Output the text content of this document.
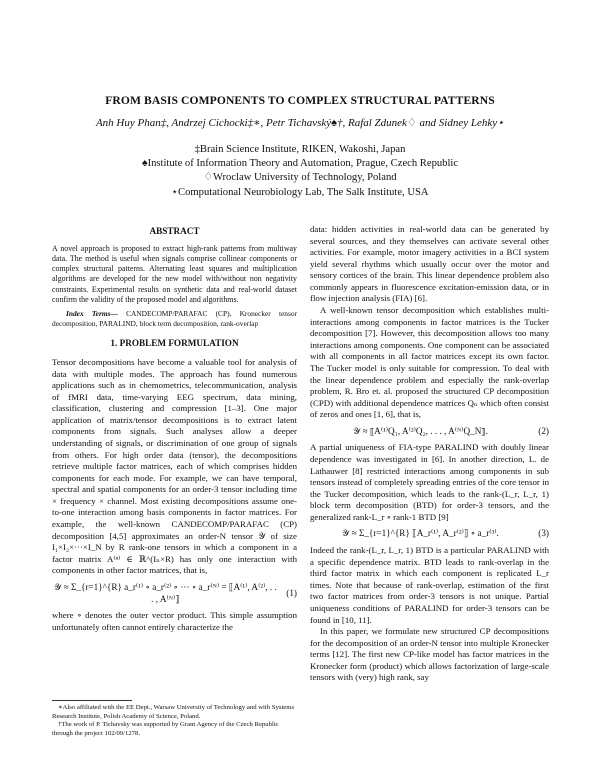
FROM BASIS COMPONENTS TO COMPLEX STRUCTURAL PATTERNS
Anh Huy Phan‡, Andrzej Cichocki‡∗, Petr Tichavský♠†, Rafal Zdunek♢ and Sidney Lehky⋆
‡Brain Science Institute, RIKEN, Wakoshi, Japan
♠Institute of Information Theory and Automation, Prague, Czech Republic
♢Wroclaw University of Technology, Poland
⋆Computational Neurobiology Lab, The Salk Institute, USA
ABSTRACT

A novel approach is proposed to extract high-rank patterns from multiway data. The method is useful when signals comprise collinear components or complex structural patterns. Alternating least squares and multiplication algorithms are developed for the new model with/without non negativity constraints. Experimental results on synthetic data and real-world dataset confirm the validity of the proposed model and algorithms.

Index Terms— CANDECOMP/PARAFAC (CP), Kronecker tensor decomposition, PARALIND, block term decomposition, rank-overlap

1. PROBLEM FORMULATION

Tensor decompositions have become a valuable tool for analysis of data with multiple modes. The approach has found numerous applications such as in chemometrics, telecommunication, analysis of fMRI data, time-varying EEG spectrum, data mining, classification, clustering and compression [1–3]. One major application of matrix/tensor decompositions is to extract latent components from signals. Such analyses allow a deeper understanding of signals, or discrimination of one group of signals from others. For high order data (tensor), the decompositions retrieve multiple factor matrices, each of which comprises hidden components for each mode. For example, we can have temporal, spectral and spatial components for an order-3 tensor including time × frequency × channel. Most existing decompositions assume one-to-one interaction among basis components in factor matrices. For example, the well-known CANDECOMP/PARAFAC (CP) decomposition [4,5] approximates an order-N tensor 𝒴 of size I₁×I₂×···×I_N by R rank-one tensors in which a component in a factor matrix A⁽ⁿ⁾ ∈ ℝ^(Iₙ×R) has only one interaction with components in other factor matrices, that is,

𝒴 ≈ Σ_{r=1}^{R} a_r⁽¹⁾ ∘ a_r⁽²⁾ ∘ ··· ∘ a_r⁽ᴺ⁾ = ⟦A⁽¹⁾, A⁽²⁾, . . . , A⁽ᴺ⁾⟧
(1)

where ∘ denotes the outer vector product. This simple assumption unfortunately often cannot entirely characterize the

∗Also affiliated with the EE Dept., Warsaw University of Technology and with Systems Research Institute, Polish Academy of Science, Poland.

†The work of P. Tichavsky was supported by Grant Agency of the Czech Republic through the project 102/09/1278.

data: hidden activities in real-world data can be generated by several sources, and they themselves can activate several other activities. For example, motor imagery activities in a BCI system yield several rhythms which usually occur over the motor and sensory cortices of the brain. This linear dependence problem also commonly appears in fluorescence excitation-emission data, or in flow injection analysis (FIA) [6].

A well-known tensor decomposition which establishes multi-interactions among components in factor matrices is the Tucker decomposition [7]. However, this decomposition allows too many interactions among components. One component can be associated with all components in all factor matrices except its own factor. The Tucker model is only suitable for compression. To deal with the linear dependence problem and especially the rank-overlap problem, R. Bro et. al. proposed the structured CP decomposition (CPD) with additional dependence matrices Qₙ which often consist of zeros and ones [1, 6], that is,

𝒴 ≈ ⟦A⁽¹⁾Q₁, A⁽²⁾Q₂, . . . , A⁽ᴺ⁾Q_N⟧.	(2)

A partial uniqueness of FIA-type PARALIND with doubly linear dependence was investigated in [6]. In another direction, L. de Lathauwer [8] restricted interactions among components in sub tensors instead of completely spreading entries of the core tensor in the Tucker decomposition, which leads to the rank-(L_r, L_r, 1) block term decomposition (BTD) for order-3 tensors, and the generalized rank-L_r ∘ rank-1 BTD [9]

𝒴 ≈ Σ_{r=1}^{R} ⟦A_r⁽¹⁾, A_r⁽²⁾⟧ ∘ a_r⁽³⁾.	(3)

Indeed the rank-(L_r, L_r, 1) BTD is a particular PARALIND with a specific dependence matrix. BTD leads to rank-overlap in the third factor matrix in which each component is replicated L_r times. Note that because of rank-overlap, estimation of the first two factor matrices from order-3 tensors is not unique. Partial uniqueness conditions of PARALIND for order-3 tensors can be found in [10, 11].

In this paper, we formulate new structured CP decompositions for the decomposition of an order-N tensor into multiple Kronecker terms [12]. The first new CP-like model has factor matrices in the Kronecker form (product) which allows factorization of large-scale tensors with (very) high rank, say
